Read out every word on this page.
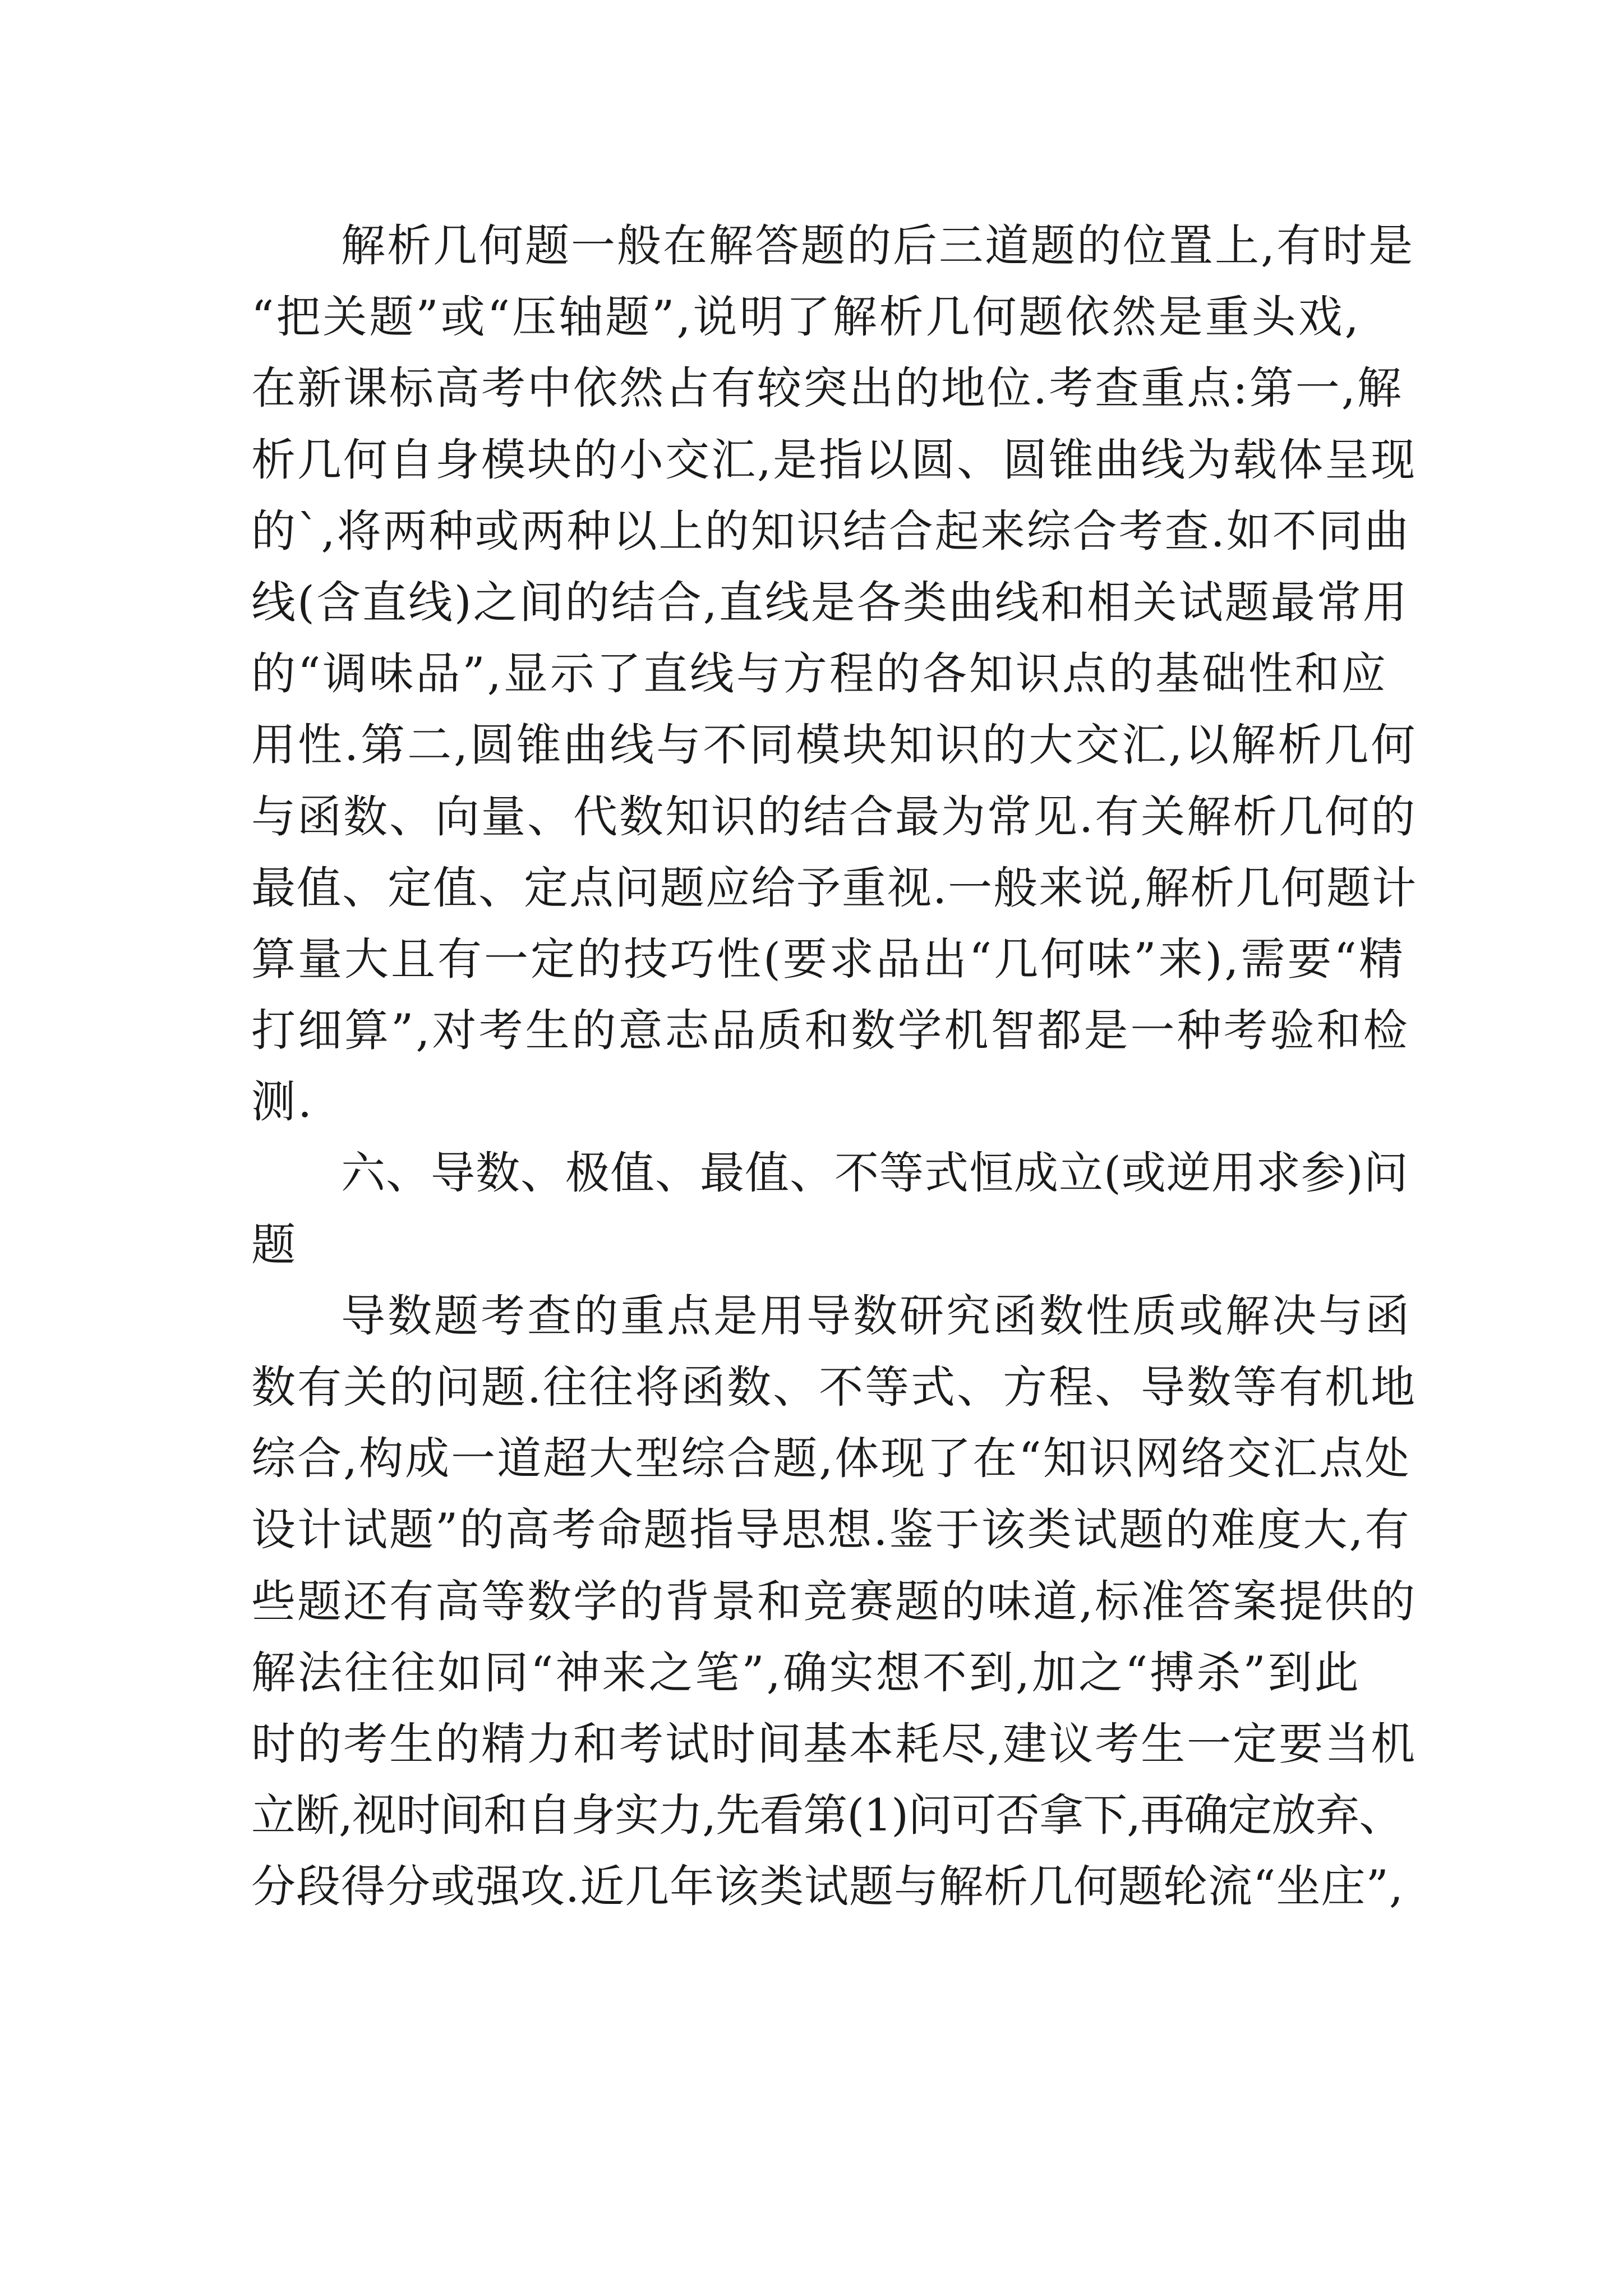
解析几何题一般在解答题的后三道题的位置上,有时是
“把关题”或“压轴题”,说明了解析几何题依然是重头戏,
在新课标高考中依然占有较突出的地位.考查重点:第一,解
析几何自身模块的小交汇,是指以圆、圆锥曲线为载体呈现
的`,将两种或两种以上的知识结合起来综合考查.如不同曲
线(含直线)之间的结合,直线是各类曲线和相关试题最常用
的“调味品”,显示了直线与方程的各知识点的基础性和应
用性.第二,圆锥曲线与不同模块知识的大交汇,以解析几何
与函数、向量、代数知识的结合最为常见.有关解析几何的
最值、定值、定点问题应给予重视.一般来说,解析几何题计
算量大且有一定的技巧性(要求品出“几何味”来),需要“精
打细算”,对考生的意志品质和数学机智都是一种考验和检
测.
六、导数、极值、最值、不等式恒成立(或逆用求参)问
题
导数题考查的重点是用导数研究函数性质或解决与函
数有关的问题.往往将函数、不等式、方程、导数等有机地
综合,构成一道超大型综合题,体现了在“知识网络交汇点处
设计试题”的高考命题指导思想.鉴于该类试题的难度大,有
些题还有高等数学的背景和竞赛题的味道,标准答案提供的
解法往往如同“神来之笔”,确实想不到,加之“搏杀”到此
时的考生的精力和考试时间基本耗尽,建议考生一定要当机
立断,视时间和自身实力,先看第(1)问可否拿下,再确定放弃、
分段得分或强攻.近几年该类试题与解析几何题轮流“坐庄”,
